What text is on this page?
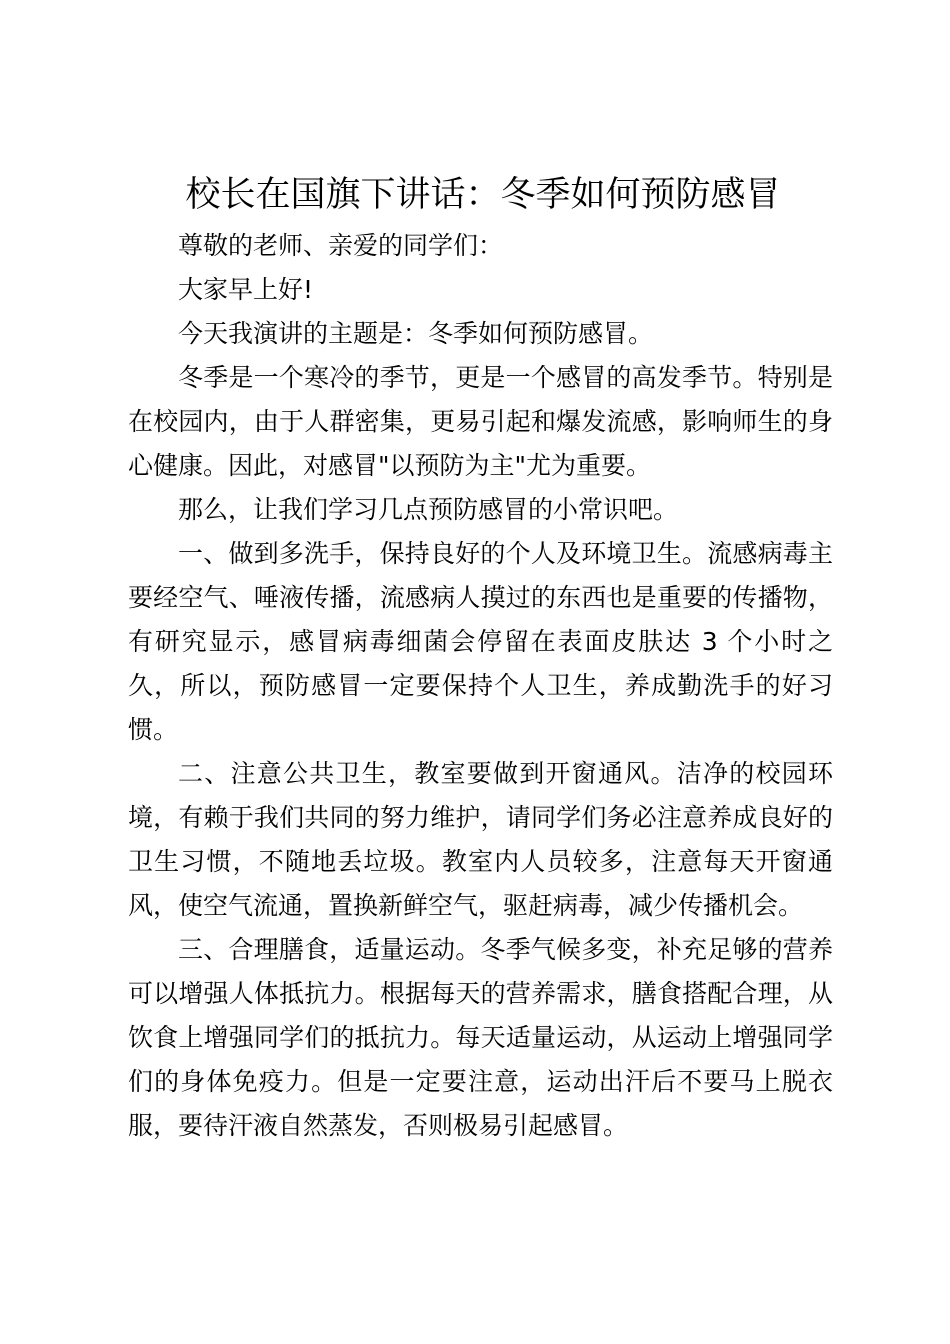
校长在国旗下讲话：冬季如何预防感冒

尊敬的老师、亲爱的同学们：

大家早上好!

今天我演讲的主题是：冬季如何预防感冒。

冬季是一个寒冷的季节，更是一个感冒的高发季节。特别是在校园内，由于人群密集，更易引起和爆发流感，影响师生的身心健康。因此，对感冒"以预防为主"尤为重要。

那么，让我们学习几点预防感冒的小常识吧。

一、做到多洗手，保持良好的个人及环境卫生。流感病毒主要经空气、唾液传播，流感病人摸过的东西也是重要的传播物，有研究显示，感冒病毒细菌会停留在表面皮肤达 3 个小时之久，所以，预防感冒一定要保持个人卫生，养成勤洗手的好习惯。

二、注意公共卫生，教室要做到开窗通风。洁净的校园环境，有赖于我们共同的努力维护，请同学们务必注意养成良好的卫生习惯，不随地丢垃圾。教室内人员较多，注意每天开窗通风，使空气流通，置换新鲜空气，驱赶病毒，减少传播机会。

三、合理膳食，适量运动。冬季气候多变，补充足够的营养可以增强人体抵抗力。根据每天的营养需求，膳食搭配合理，从饮食上增强同学们的抵抗力。每天适量运动，从运动上增强同学们的身体免疫力。但是一定要注意，运动出汗后不要马上脱衣服，要待汗液自然蒸发，否则极易引起感冒。
